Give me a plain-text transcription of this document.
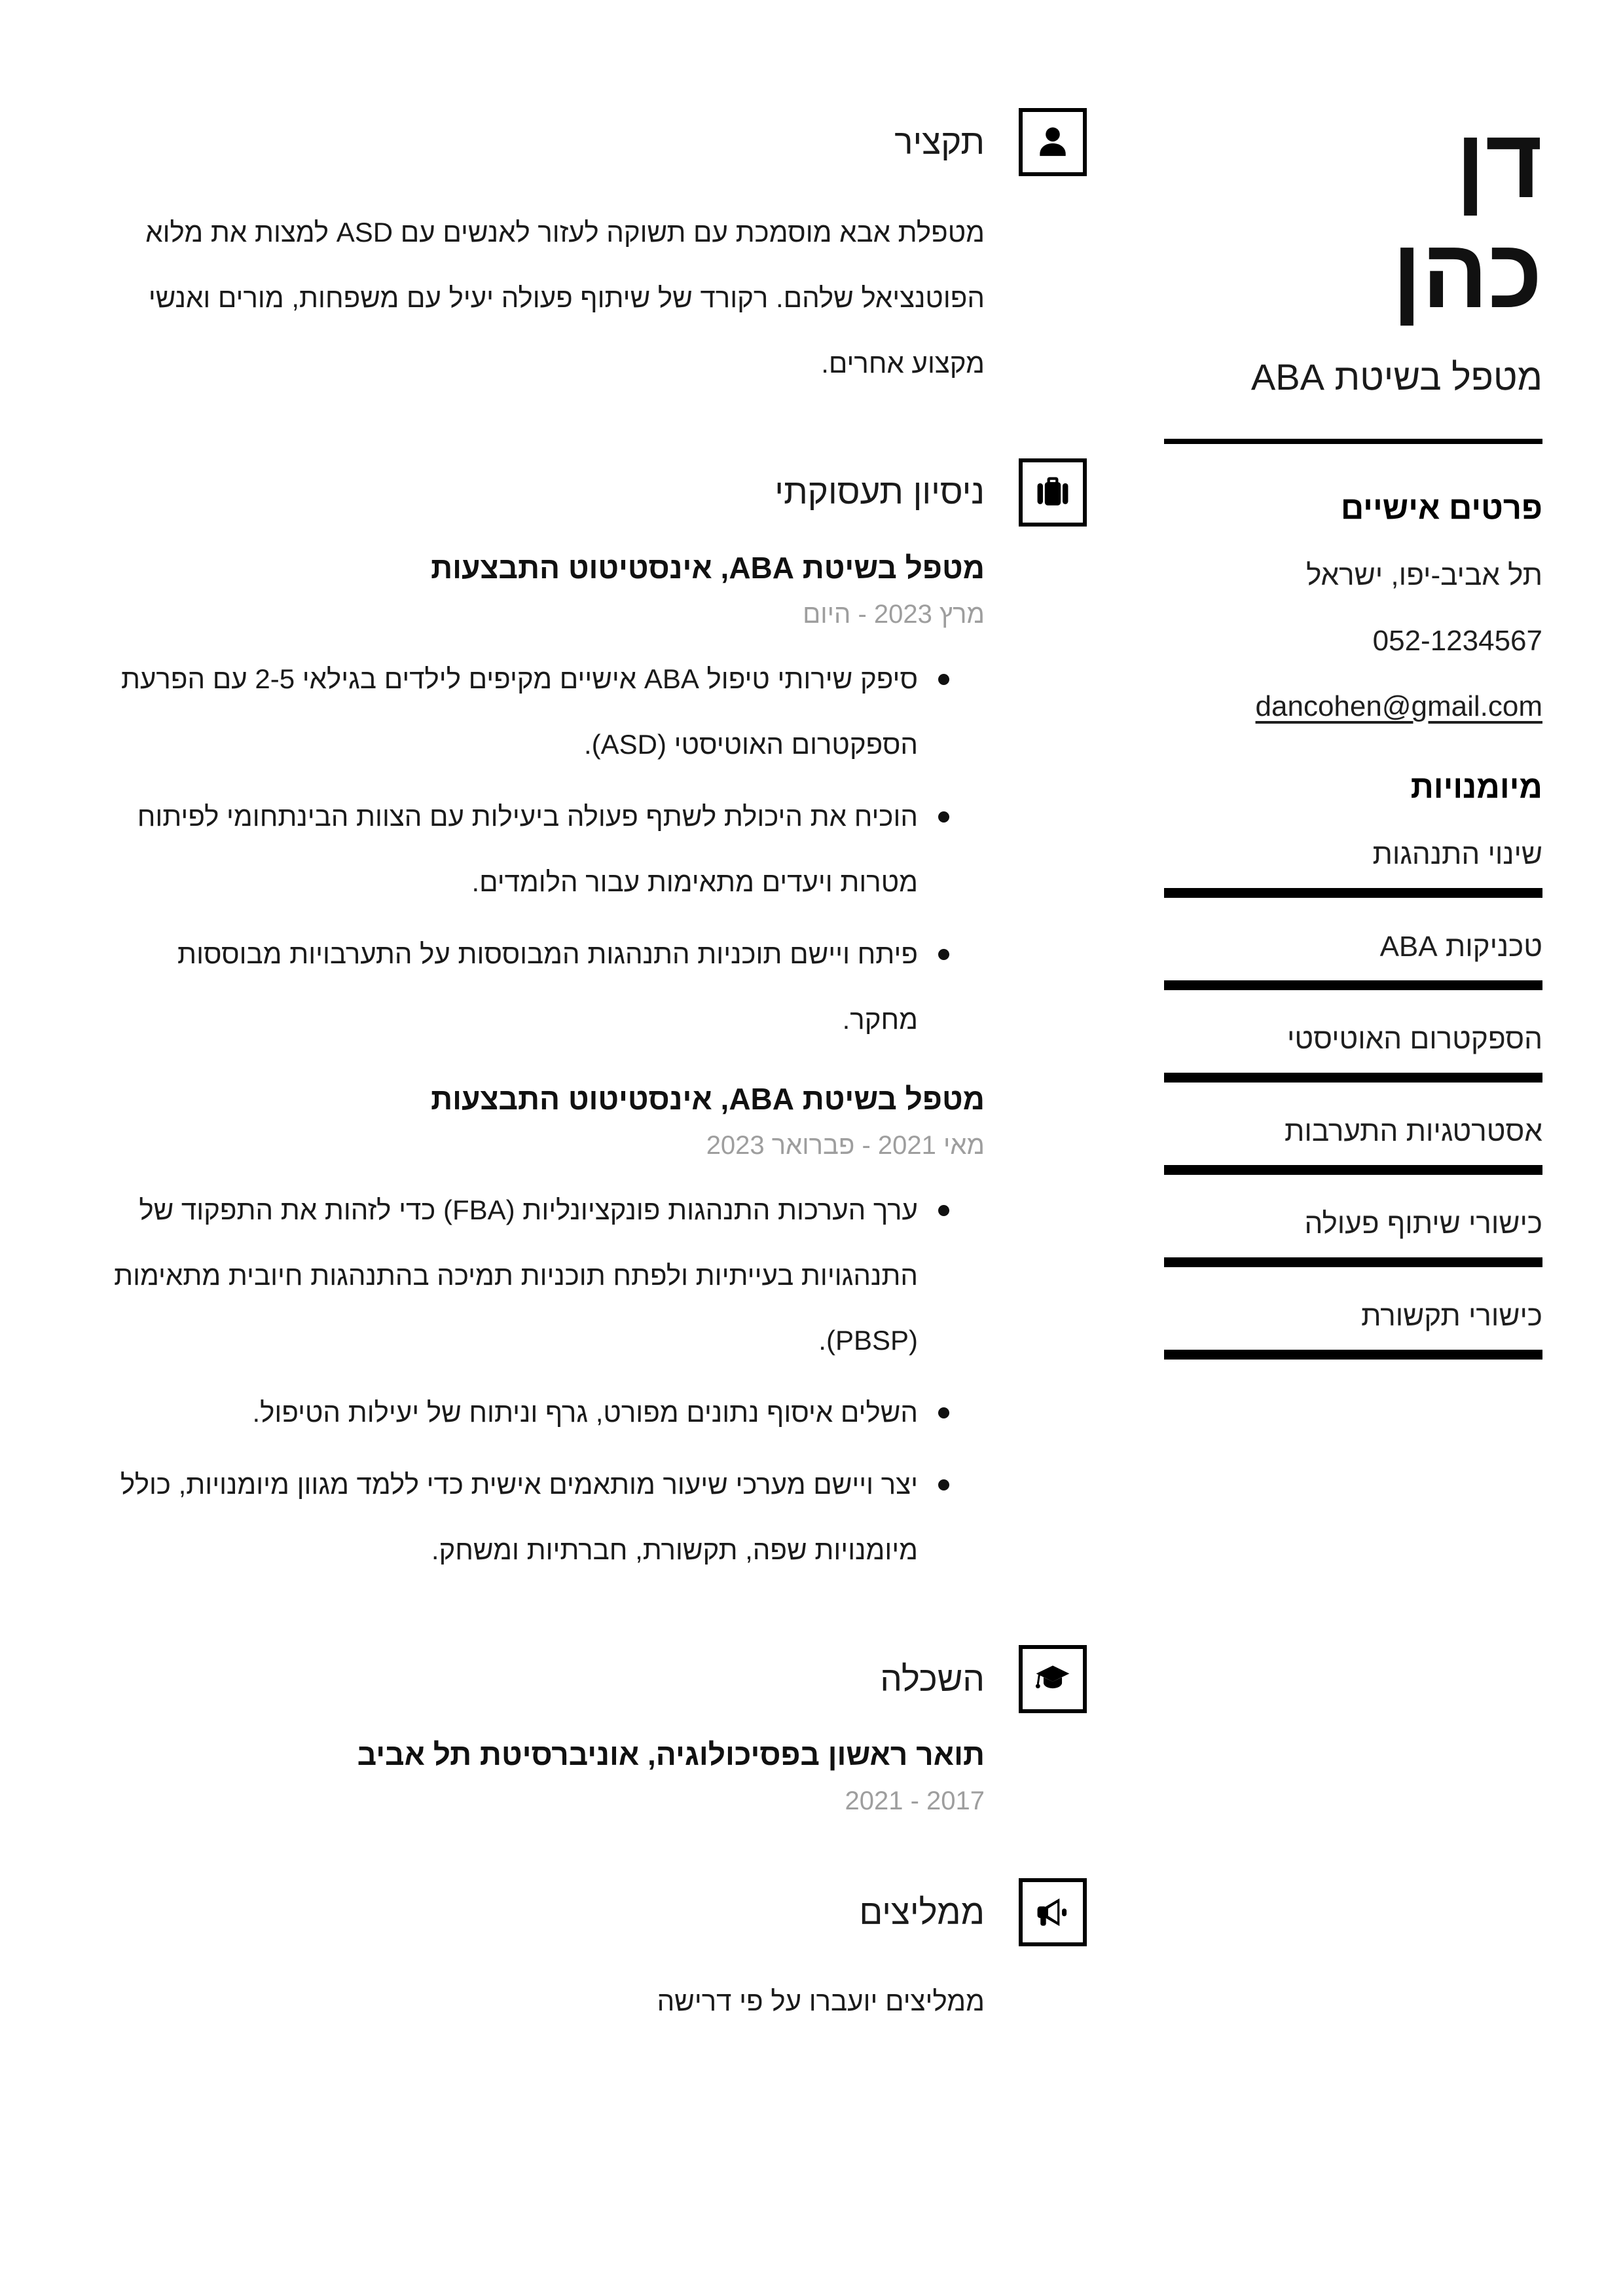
דן
כהן
מטפל בשיטת ABA
פרטים אישיים
תל אביב-יפו, ישראל
052-1234567
dancohen@gmail.com
מיומנויות
שינוי התנהגות
טכניקות ABA
הספקטרום האוטיסטי
אסטרטגיות התערבות
כישורי שיתוף פעולה
כישורי תקשורת
תקציר

מטפלת אבא מוסמכת עם תשוקה לעזור לאנשים עם ASD למצות את מלוא הפוטנציאל שלהם. רקורד של שיתוף פעולה יעיל עם משפחות, מורים ואנשי מקצוע אחרים.

ניסיון תעסוקתי
מטפל בשיטת ABA, אינסטיטוט התבצעות
מרץ 2023 - היום
סיפק שירותי טיפול ABA אישיים מקיפים לילדים בגילאי 2-5 עם הפרעת הספקטרום האוטיסטי (ASD).
הוכיח את היכולת לשתף פעולה ביעילות עם הצוות הבינתחומי לפיתוח מטרות ויעדים מתאימות עבור הלומדים.
פיתח ויישם תוכניות התנהגות המבוססות על התערבויות מבוססות מחקר.
מטפל בשיטת ABA, אינסטיטוט התבצעות
מאי 2021 - פברואר 2023
ערך הערכות התנהגות פונקציונליות (FBA) כדי לזהות את התפקוד של התנהגויות בעייתיות ולפתח תוכניות תמיכה בהתנהגות חיובית מתאימות (PBSP).
השלים איסוף נתונים מפורט, גרף וניתוח של יעילות הטיפול.
יצר ויישם מערכי שיעור מותאמים אישית כדי ללמד מגוון מיומנויות, כולל מיומנויות שפה, תקשורת, חברתיות ומשחק.
השכלה
תואר ראשון בפסיכולוגיה, אוניברסיטת תל אביב
2017 - 2021
ממליצים

ממליצים יועברו על פי דרישה
